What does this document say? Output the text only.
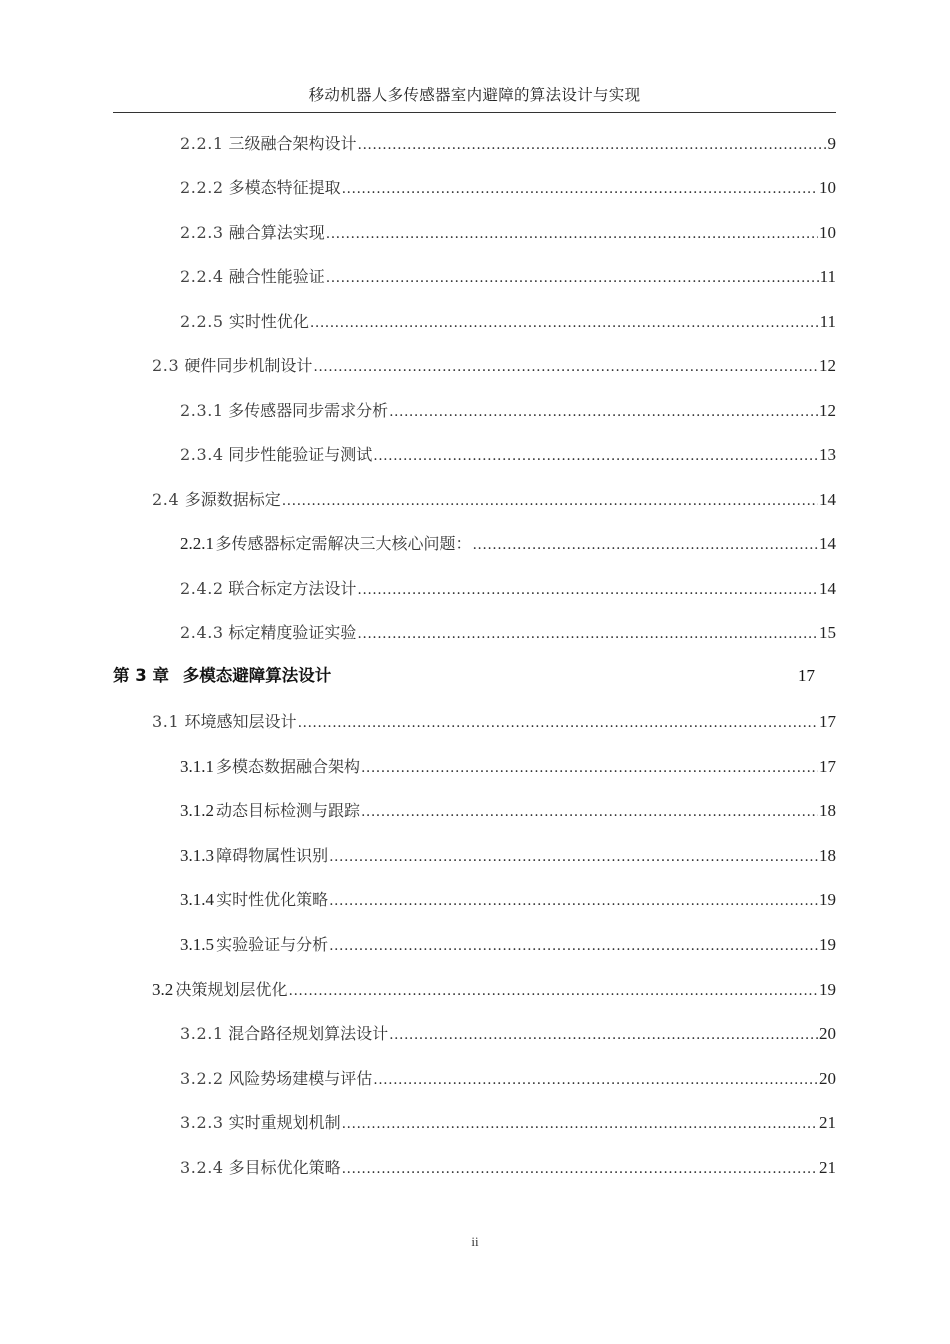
移动机器人多传感器室内避障的算法设计与实现
2.2.1 三级融合架构设计 .....	9
2.2.2 多模态特征提取 .....	10
2.2.3 融合算法实现 .....	10
2.2.4 融合性能验证 .....	11
2.2.5 实时性优化 .....	11
2.3 硬件同步机制设计 .....	12
2.3.1 多传感器同步需求分析 .....	12
2.3.4 同步性能验证与测试 .....	13
2.4 多源数据标定 .....	14
2.2.1 多传感器标定需解决三大核心问题： .....	14
2.4.2 联合标定方法设计 .....	14
2.4.3 标定精度验证实验 .....	15
第 3 章 多模态避障算法设计	17
3.1 环境感知层设计 .....	17
3.1.1 多模态数据融合架构 .....	17
3.1.2 动态目标检测与跟踪 .....	18
3.1.3 障碍物属性识别 .....	18
3.1.4 实时性优化策略 .....	19
3.1.5 实验验证与分析 .....	19
3.2 决策规划层优化 .....	19
3.2.1 混合路径规划算法设计 .....	20
3.2.2 风险势场建模与评估 .....	20
3.2.3 实时重规划机制 .....	21
3.2.4 多目标优化策略 .....	21
ii
